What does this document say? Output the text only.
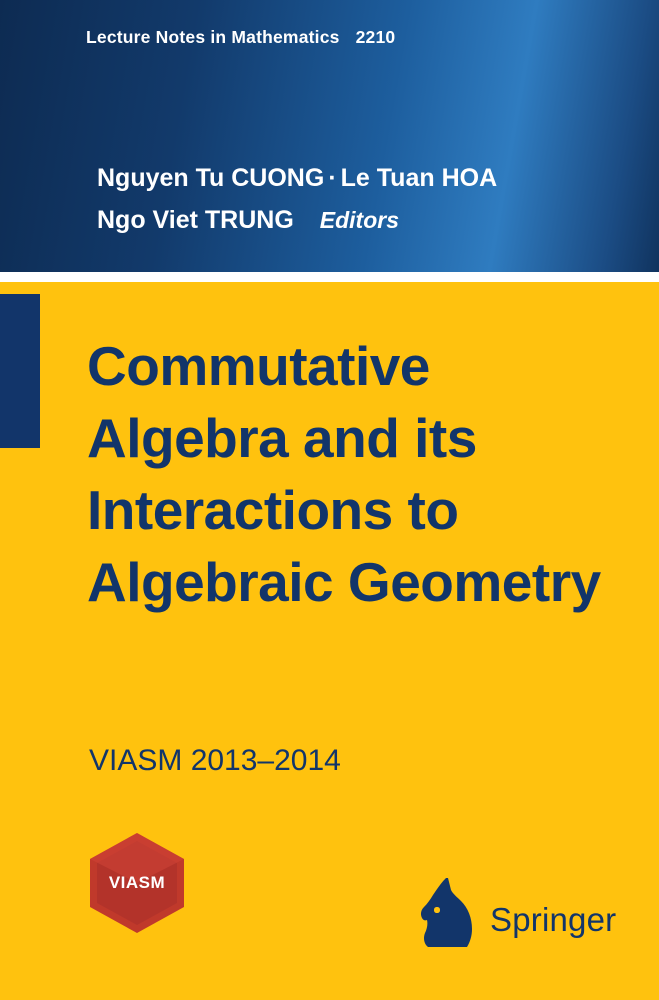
Lecture Notes in Mathematics 2210
Nguyen Tu CUONG · Le Tuan HOA
Ngo Viet TRUNG Editors
Commutative Algebra and its Interactions to Algebraic Geometry
VIASM 2013–2014
VIASM
Springer
